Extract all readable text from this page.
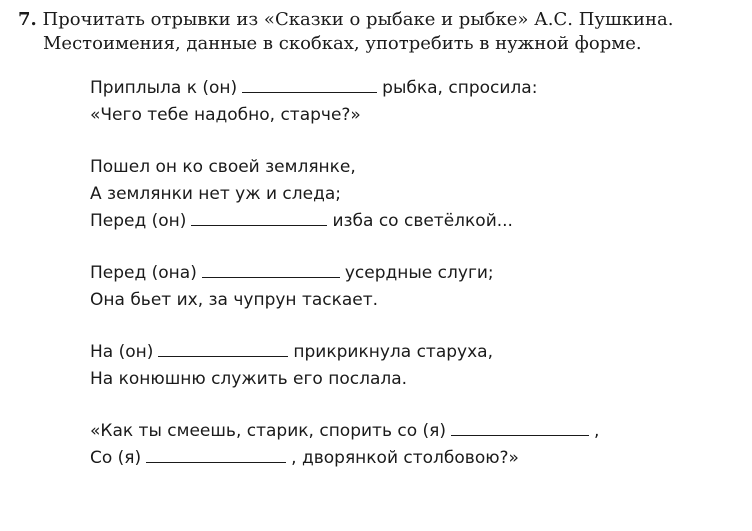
7. Прочитать отрывки из «Сказки о рыбаке и рыбке» А.С. Пушкина.
Местоимения, данные в скобках, употребить в нужной форме.
Приплыла к (он)	рыбка, спросила:
«Чего тебе надобно, старче?»
Пошел он ко своей землянке,
А землянки нет уж и следа;
Перед (он)	изба со светёлкой...
Перед (она)	усердные слуги;
Она бьет их, за чупрун таскает.
На (он)	прикрикнула старуха,
На конюшню служить его послала.
«Как ты смеешь, старик, спорить со (я)	,
Со (я)	, дворянкой столбовою?»
